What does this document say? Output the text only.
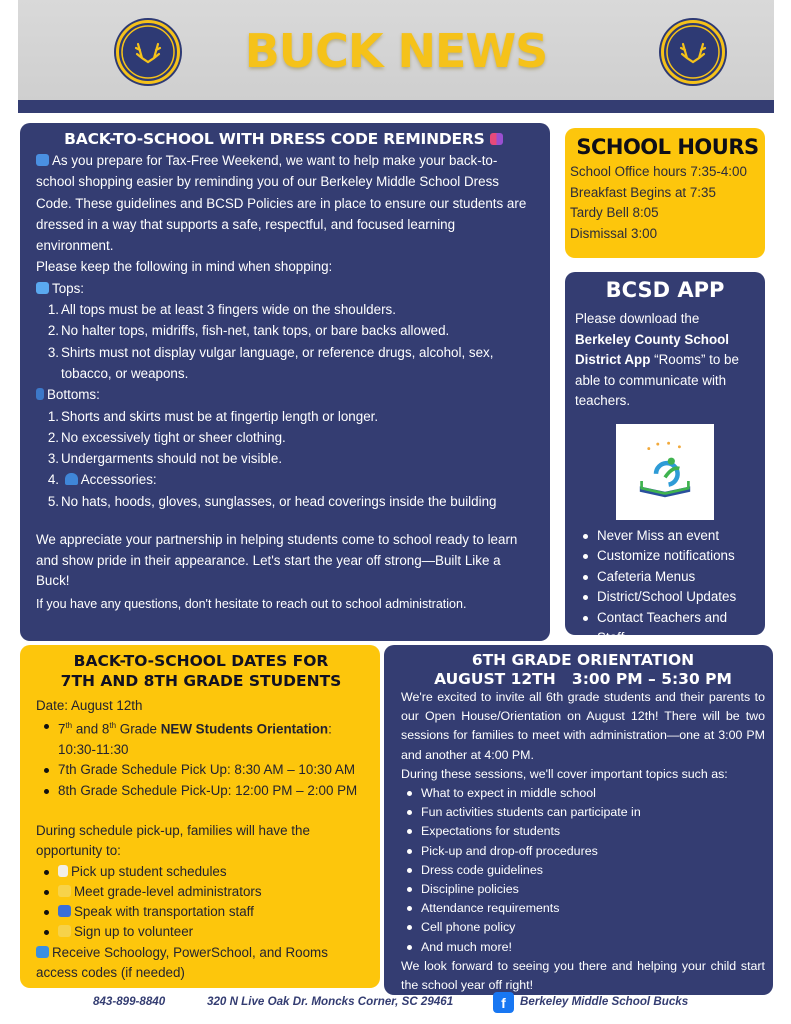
BUCK NEWS
BACK-TO-SCHOOL WITH DRESS CODE REMINDERS

As you prepare for Tax-Free Weekend, we want to help make your back-to-school shopping easier by reminding you of our Berkeley Middle School Dress Code. These guidelines and BCSD Policies are in place to ensure our students are dressed in a way that supports a safe, respectful, and focused learning environment.

Please keep the following in mind when shopping:

Tops:

1. All tops must be at least 3 fingers wide on the shoulders.
2. No halter tops, midriffs, fish-net, tank tops, or bare backs allowed.
3. Shirts must not display vulgar language, or reference drugs, alcohol, sex, tobacco, or weapons.

Bottoms:

1. Shorts and skirts must be at fingertip length or longer.
2. No excessively tight or sheer clothing.
3. Undergarments should not be visible.
4.	Accessories:
5. No hats, hoods, gloves, sunglasses, or head coverings inside the building

We appreciate your partnership in helping students come to school ready to learn and show pride in their appearance. Let's start the year off strong—Built Like a Buck!

If you have any questions, don't hesitate to reach out to school administration.

SCHOOL HOURS

School Office hours 7:35-4:00

Breakfast Begins at 7:35

Tardy Bell 8:05

Dismissal 3:00

BCSD APP

Please download the Berkeley County School District App “Rooms” to be able to communicate with teachers.

Never Miss an event
Customize notifications
Cafeteria Menus
District/School Updates
Contact Teachers and Staff
BACK-TO-SCHOOL DATES FOR
7TH AND 8TH GRADE STUDENTS

Date: August 12th

7th and 8th Grade NEW Students Orientation:
10:30-11:30
7th Grade Schedule Pick Up: 8:30 AM – 10:30 AM
8th Grade Schedule Pick-Up: 12:00 PM – 2:00 PM

During schedule pick-up, families will have the opportunity to:

Pick up student schedules
Meet grade-level administrators
Speak with transportation staff
Sign up to volunteer

Receive Schoology, PowerSchool, and Rooms access codes (if needed)

6TH GRADE ORIENTATION
AUGUST 12TH   3:00 PM – 5:30 PM

We're excited to invite all 6th grade students and their parents to our Open House/Orientation on August 12th! There will be two sessions for families to meet with administration—one at 3:00 PM and another at 4:00 PM.

During these sessions, we'll cover important topics such as:

What to expect in middle school
Fun activities students can participate in
Expectations for students
Pick-up and drop-off procedures
Dress code guidelines
Discipline policies
Attendance requirements
Cell phone policy
And much more!

We look forward to seeing you there and helping your child start the school year off right!

843-899-8840	320 N Live Oak Dr. Moncks Corner, SC 29461	f	Berkeley Middle School Bucks
